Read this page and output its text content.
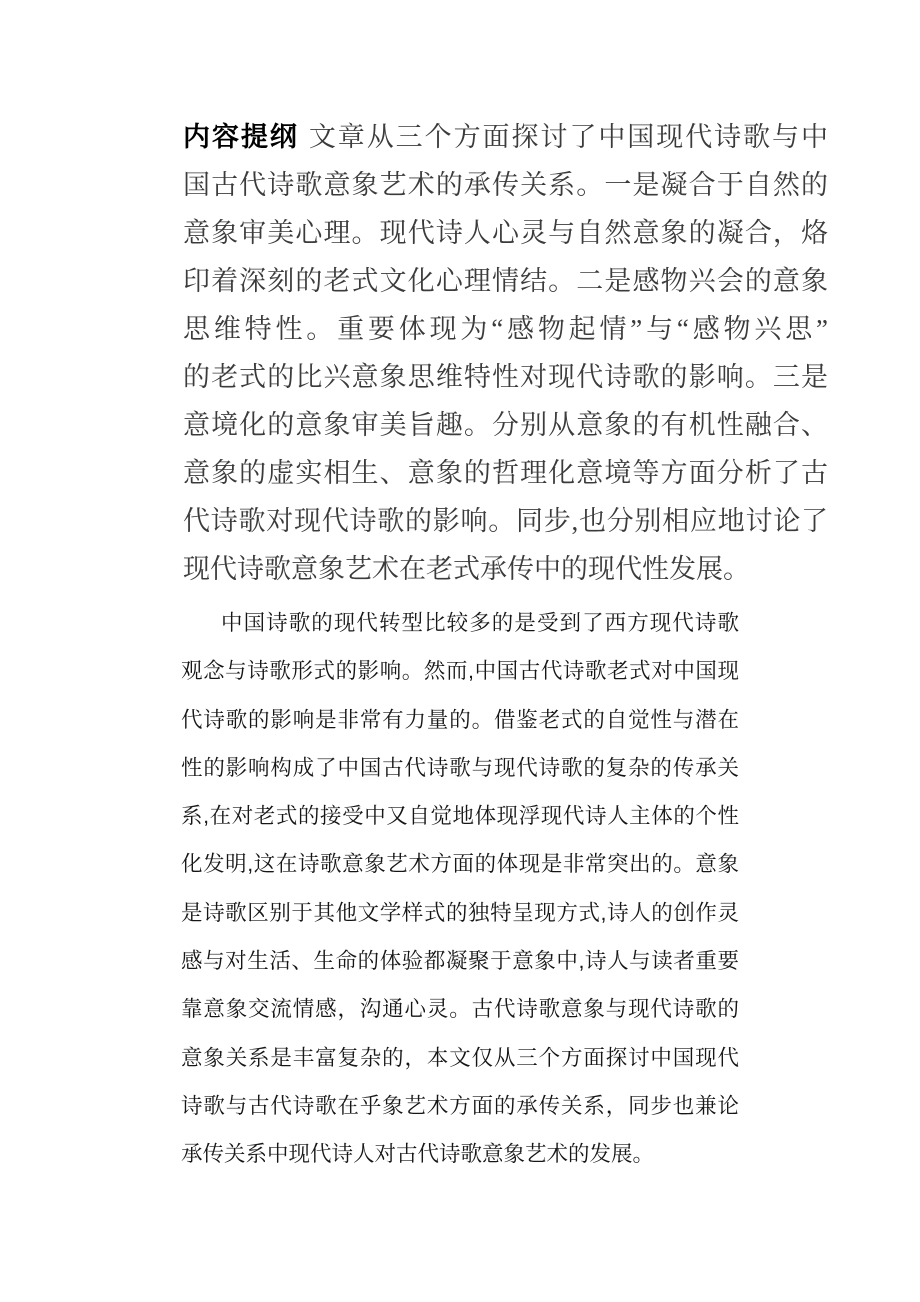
内容提纲 文章从三个方面探讨了中国现代诗歌与中
国古代诗歌意象艺术的承传关系。一是凝合于自然的
意象审美心理。现代诗人心灵与自然意象的凝合，烙
印着深刻的老式文化心理情结。二是感物兴会的意象
思维特性。重要体现为“感物起情”与“感物兴思”
的老式的比兴意象思维特性对现代诗歌的影响。三是
意境化的意象审美旨趣。分别从意象的有机性融合、
意象的虚实相生、意象的哲理化意境等方面分析了古
代诗歌对现代诗歌的影响。同步,也分别相应地讨论了
现代诗歌意象艺术在老式承传中的现代性发展。
中国诗歌的现代转型比较多的是受到了西方现代诗歌
观念与诗歌形式的影响。然而,中国古代诗歌老式对中国现
代诗歌的影响是非常有力量的。借鉴老式的自觉性与潜在
性的影响构成了中国古代诗歌与现代诗歌的复杂的传承关
系,在对老式的接受中又自觉地体现浮现代诗人主体的个性
化发明,这在诗歌意象艺术方面的体现是非常突出的。意象
是诗歌区别于其他文学样式的独特呈现方式,诗人的创作灵
感与对生活、生命的体验都凝聚于意象中,诗人与读者重要
靠意象交流情感，沟通心灵。古代诗歌意象与现代诗歌的
意象关系是丰富复杂的，本文仅从三个方面探讨中国现代
诗歌与古代诗歌在乎象艺术方面的承传关系，同步也兼论
承传关系中现代诗人对古代诗歌意象艺术的发展。
